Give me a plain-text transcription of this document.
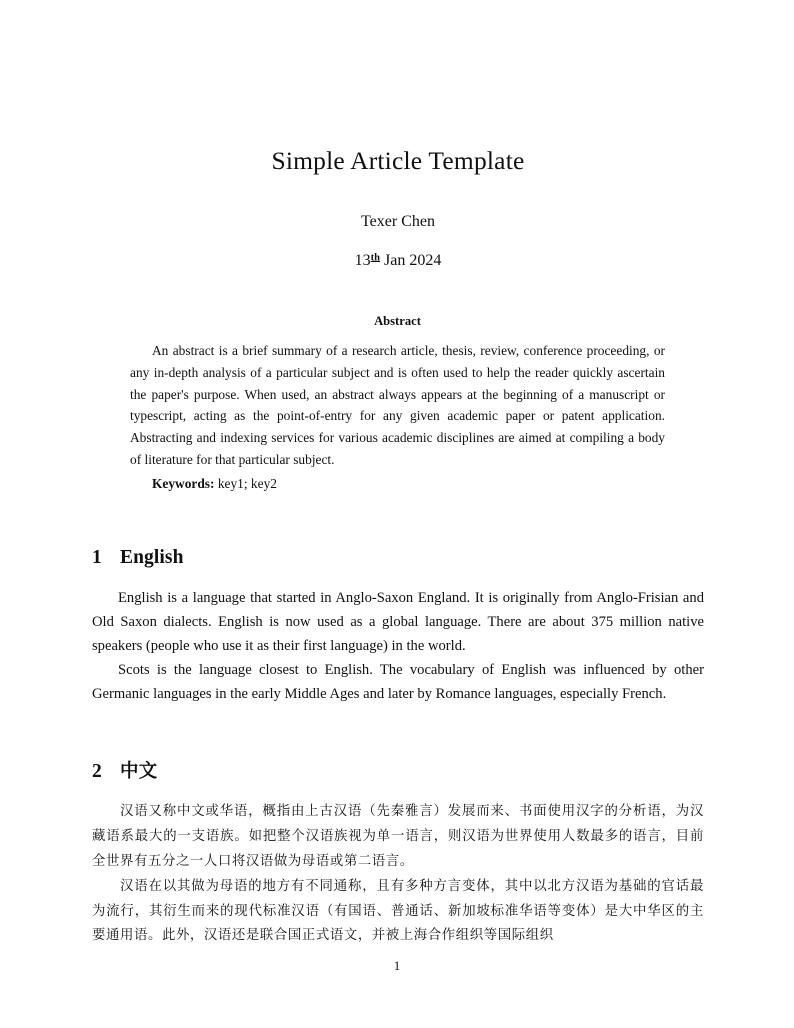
Simple Article Template

Texer Chen

13th Jan 2024

Abstract

An abstract is a brief summary of a research article, thesis, review, conference proceeding, or any in-depth analysis of a particular subject and is often used to help the reader quickly ascertain the paper's purpose. When used, an abstract always appears at the beginning of a manuscript or typescript, acting as the point-of-entry for any given academic paper or patent application. Abstracting and indexing services for various academic disciplines are aimed at compiling a body of literature for that particular subject.

Keywords: key1; key2

1 English

English is a language that started in Anglo-Saxon England. It is originally from Anglo-Frisian and Old Saxon dialects. English is now used as a global language. There are about 375 million native speakers (people who use it as their first language) in the world.

Scots is the language closest to English. The vocabulary of English was influenced by other Germanic languages in the early Middle Ages and later by Romance languages, especially French.

2 中文

汉语又称中文或华语，概指由上古汉语（先秦雅言）发展而来、书面使用汉字的分析语，为汉藏语系最大的一支语族。如把整个汉语族视为单一语言，则汉语为世界使用人数最多的语言，目前全世界有五分之一人口将汉语做为母语或第二语言。

汉语在以其做为母语的地方有不同通称，且有多种方言变体，其中以北方汉语为基础的官话最为流行，其衍生而来的现代标准汉语（有国语、普通话、新加坡标准华语等变体）是大中华区的主要通用语。此外，汉语还是联合国正式语文，并被上海合作组织等国际组织

1
